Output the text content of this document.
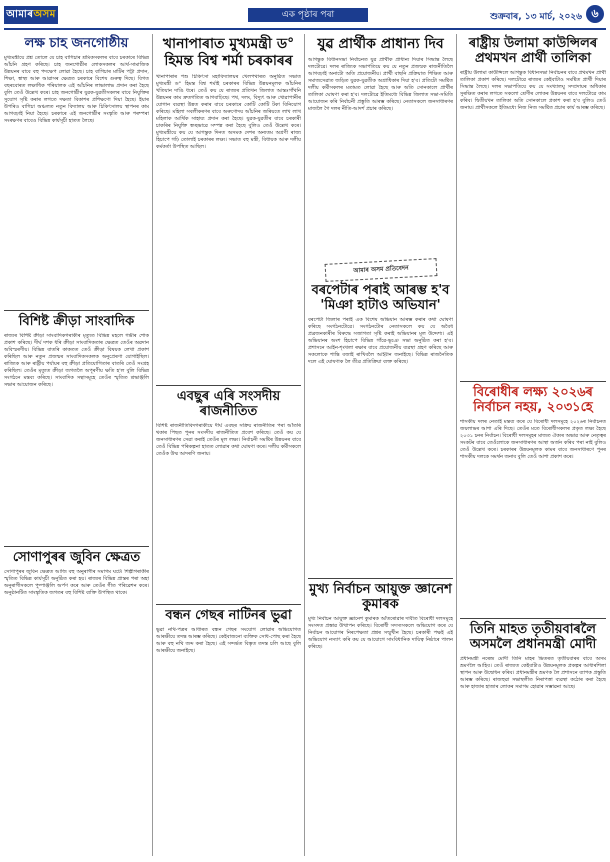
আমাৰ অসম	এক পৃষ্ঠাৰ পৰা	শুক্ৰবাৰ, ১৩ মাৰ্চ, ২০২৬ ৬
লক্ষ চাহ জনগোষ্ঠীয়
মুখ্যমন্ত্ৰীয়ে প্ৰশ্ন তোলে যে চাহ বাগিচাৰ শ্ৰমিকসকলৰ বাবে চৰকাৰে বিভিন্ন আঁচনি গ্ৰহণ কৰিছে। চাহ জনগোষ্ঠীৰ লোকসকলৰ আৰ্থ-সামাজিক উন্নয়নৰ বাবে বহু পদক্ষেপ লোৱা হৈছে। চাহ বাগিচাৰ মাটিৰ পট্টা প্ৰদান, শিক্ষা, স্বাস্থ্য আৰু আৱাসৰ ক্ষেত্ৰত চৰকাৰে বিশেষ গুৰুত্ব দিছে। বিগত বছৰবোৰত লক্ষাধিক পৰিয়ালক এই আঁচনিৰ লাভালাভ প্ৰদান কৰা হৈছে বুলি তেওঁ উল্লেখ কৰে। চাহ জনগোষ্ঠীৰ যুৱক-যুৱতীসকলৰ বাবে নিযুক্তিৰ সুযোগ সৃষ্টি কৰাৰ লগতে দক্ষতা বিকাশৰ প্ৰশিক্ষণো দিয়া হৈছে। ইয়াৰ উপৰিও বাগিচা অঞ্চলত নতুন বিদ্যালয় আৰু চিকিৎসালয় স্থাপনৰ কাম আগবঢ়াই নিয়া হৈছে। চৰকাৰে এই জনগোষ্ঠীৰ সংস্কৃতি আৰু পৰম্পৰা সংৰক্ষণৰ বাবেও বিভিন্ন কাৰ্যসূচী হাতত লৈছে।
বিশিষ্ট ক্ৰীড়া সাংবাদিক
ৰাজ্যৰ বিশিষ্ট ক্ৰীড়া সাংবাদিকগৰাকীৰ মৃত্যুত বিভিন্ন মহলে গভীৰ শোক প্ৰকাশ কৰিছে। দীৰ্ঘ দশক ধৰি ক্ৰীড়া সাংবাদিকতাৰ ক্ষেত্ৰত তেওঁৰ অৱদান অবিস্মৰণীয়। বিভিন্ন বাতৰি কাকতত তেওঁ ক্ৰীড়া বিষয়ক লেখা প্ৰকাশ কৰিছিল আৰু নতুন প্ৰজন্মৰ সাংবাদিকসকলক অনুপ্ৰেৰণা যোগাইছিল। ৰাজ্যিক আৰু ৰাষ্ট্ৰীয় পৰ্যায়ৰ বহু ক্ৰীড়া প্ৰতিযোগিতাৰ বাতৰি তেওঁ সংগ্ৰহ কৰিছিল। তেওঁৰ মৃত্যুত ক্ৰীড়া জগতলৈ অপূৰণীয় ক্ষতি হ'ল বুলি বিভিন্ন সংগঠনে মন্তব্য কৰিছে। সাংবাদিক সন্থাসমূহে তেওঁৰ স্মৃতিত শ্ৰদ্ধাঞ্জলি সভাৰ আয়োজন কৰিছে।
সোণাপুৰৰ জুবিন ক্ষেত্ৰত
সোণাপুৰৰ জুবিন ক্ষেত্ৰত আজি বহু অনুৰাগীৰ সমাগম ঘটে। শিল্পীগৰাকীৰ স্মৃতিত বিভিন্ন কাৰ্যসূচী অনুষ্ঠিত কৰা হয়। ৰাজ্যৰ বিভিন্ন প্ৰান্তৰ পৰা অহা অনুৰাগীসকলে পুষ্পাঞ্জলি অৰ্পণ কৰে আৰু তেওঁৰ গীত পৰিৱেশন কৰে। অনুষ্ঠানটিত সাংস্কৃতিক জগতৰ বহু বিশিষ্ট ব্যক্তি উপস্থিত থাকে।
খানাপাৰাত মুখ্যমন্ত্ৰী ড° হিমন্ত বিশ্ব শৰ্মা চৰকাৰৰ
খানাপাৰাৰ পশু চিকিৎসা মহাবিদ্যালয়ৰ খেলপথাৰত অনুষ্ঠিত সভাত মুখ্যমন্ত্ৰী ড° হিমন্ত বিশ্ব শৰ্মাই চৰকাৰৰ বিভিন্ন উন্নয়নমূলক আঁচনিৰ খতিয়ান দাঙি ধৰে। তেওঁ কয় যে ৰাজ্যৰ প্ৰতিখন জিলাত আন্তঃগাঁথনি উন্নয়নৰ কাম দ্ৰুতগতিত আগবাঢ়িছে। পথ, দলং, বিদ্যুৎ আৰু খোৱাপানীৰ যোগান ব্যৱস্থা উন্নত কৰাৰ বাবে চৰকাৰে কোটি কোটি টকা বিনিয়োগ কৰিছে। মহিলা সবলীকৰণৰ বাবে অৰুণোদয় আঁচনিৰ জৰিয়তে লাখ লাখ মহিলাক আৰ্থিক সাহায্য প্ৰদান কৰা হৈছে। যুৱক-যুৱতীৰ বাবে চৰকাৰী চাকৰিৰ নিযুক্তি স্বচ্ছভাৱে সম্পন্ন কৰা হৈছে বুলিও তেওঁ উল্লেখ কৰে। মুখ্যমন্ত্ৰীয়ে কয় যে আগন্তুক দিনত অসমক দেশৰ অন্যতম অগ্ৰণী ৰাজ্য হিচাপে গঢ়ি তোলাই চৰকাৰৰ লক্ষ্য। সভাত বহু মন্ত্ৰী, বিধায়ক আৰু দলীয় কৰ্মকৰ্তা উপস্থিত আছিল।
এবছুৰ এৰি সংসদীয় ৰাজনীতিত
বিশিষ্ট ৰাজনীতিবিদগৰাকীয়ে দীৰ্ঘ এবছৰ সক্ৰিয় ৰাজনীতিৰ পৰা আঁতৰি থকাৰ পিছত পুনৰ সংসদীয় ৰাজনীতিত প্ৰবেশ কৰিছে। তেওঁ কয় যে জনসাধাৰণৰ সেৱা কৰাই তেওঁৰ মূল লক্ষ্য। নিৰ্বাচনী সমষ্টিৰ উন্নয়নৰ বাবে তেওঁ বিভিন্ন পৰিকল্পনা হাতত লোৱাৰ কথা ঘোষণা কৰে। দলীয় কৰ্মীসকলে তেওঁক উষ্ম আদৰণি জনায়।
বন্ধন গেছৰ নাটিনৰ ভুৱা
ভুৱা নথি-পত্ৰৰ আধাৰত বন্ধন গেছৰ সংযোগ লোৱাৰ অভিযোগত আৰক্ষীয়ে তদন্ত আৰম্ভ কৰিছে। কেইবাজনো ব্যক্তিক সোধ-পোছ কৰা হৈছে আৰু বহু নথি জব্দ কৰা হৈছে। এই সন্দৰ্ভত বিস্তৃত তদন্ত চলি আছে বুলি আৰক্ষীয়ে জনাইছে।
যুৱ প্ৰাৰ্থীক প্ৰাধান্য দিব
আগন্তুক বিধানসভা নিৰ্বাচনত যুৱ প্ৰাৰ্থীক প্ৰাধান্য দিয়াৰ সিদ্ধান্ত লৈছে দলটোৱে। দলৰ ৰাজ্যিক সভাপতিয়ে কয় যে নতুন প্ৰজন্মক ৰাজনীতিলৈ আগবঢ়াই অনাটো অতি প্ৰয়োজনীয়। প্ৰাৰ্থী বাছনি প্ৰক্ৰিয়াত শিক্ষিত আৰু সমাজসেৱাত জড়িত যুৱক-যুৱতীক অগ্ৰাধিকাৰ দিয়া হ'ব। প্ৰতিটো সমষ্টিত দলীয় কৰ্মীসকলৰ মতামত লোৱা হৈছে আৰু অতি সোনকালে প্ৰাৰ্থীৰ তালিকা ঘোষণা কৰা হ'ব। দলটোৱে ইতিমধ্যে বিভিন্ন জিলাত সভা-সমিতি আয়োজন কৰি নিৰ্বাচনী প্ৰস্তুতি আৰম্ভ কৰিছে। নেতাসকলে জনসাধাৰণৰ মাজলৈ গৈ দলৰ নীতি-আদৰ্শ প্ৰচাৰ কৰিছে।
আমাৰ অসম প্ৰতিবেদন
বৰপেটাৰ পৰাই আৰম্ভ হ'ব 'মিঞা হাটাও অভিযান'
বৰপেটা জিলাৰ পৰাই এক বিশেষ অভিযান আৰম্ভ কৰাৰ কথা ঘোষণা কৰিছে সংগঠনটোৱে। সংগঠনটোৰ নেতাসকলে কয় যে অবৈধ প্ৰব্ৰজনকাৰীৰ বিৰুদ্ধে সজাগতা সৃষ্টি কৰাই অভিযানৰ মূল উদ্দেশ্য। এই অভিযানৰ অংশ হিচাপে বিভিন্ন গাঁৱে-ভূঞে সভা অনুষ্ঠিত কৰা হ'ব। প্ৰশাসনে আইন-শৃংখলা ৰক্ষাৰ বাবে প্ৰয়োজনীয় ব্যৱস্থা গ্ৰহণ কৰিছে আৰু সকলোকে শান্তি বজাই ৰাখিবলৈ আহ্বান জনাইছে। বিভিন্ন ৰাজনৈতিক দলে এই ঘোষণাক লৈ তীব্ৰ প্ৰতিক্ৰিয়া ব্যক্ত কৰিছে।
মুখ্য নিৰ্বাচন আয়ুক্ত জ্ঞানেশ কুমাৰক
মুখ্য নিৰ্বাচন আয়ুক্ত জ্ঞানেশ কুমাৰক আঁতৰোৱাৰ দাবীত বিৰোধী দলসমূহে সংসদত প্ৰস্তাৱ উত্থাপন কৰিছে। বিৰোধী সদস্যসকলে অভিযোগ কৰে যে নিৰ্বাচন আয়োগৰ নিৰপেক্ষতা প্ৰশ্নৰ সন্মুখীন হৈছে। চৰকাৰী পক্ষই এই অভিযোগ নস্যাৎ কৰি কয় যে আয়োগে সাংবিধানিক দায়িত্ব নিষ্ঠাৰে পালন কৰিছে।
ৰাষ্ট্ৰীয় উলামা কাউন্সিলৰ প্ৰথমখন প্ৰাৰ্থী তালিকা
ৰাষ্ট্ৰীয় উলামা কাউন্সিলে আগন্তুক বিধানসভা নিৰ্বাচনৰ বাবে প্ৰথমখন প্ৰাৰ্থী তালিকা প্ৰকাশ কৰিছে। দলটোৱে ৰাজ্যৰ কেইবাটাও সমষ্টিত প্ৰাৰ্থী দিয়াৰ সিদ্ধান্ত লৈছে। দলৰ সভাপতিয়ে কয় যে সংখ্যালঘু সম্প্ৰদায়ৰ অধিকাৰ সুৰক্ষিত কৰাৰ লগতে সকলো শ্ৰেণীৰ লোকৰ উন্নয়নৰ বাবে দলটোৱে কাম কৰিব। দ্বিতীয়খন তালিকা অতি সোনকালে প্ৰকাশ কৰা হ'ব বুলিও তেওঁ জনায়। প্ৰাৰ্থীসকলে ইতিমধ্যে নিজ নিজ সমষ্টিত প্ৰচাৰ কাৰ্য আৰম্ভ কৰিছে।
বিৰোধীৰ লক্ষ্য ২০২৬ৰ নিৰ্বাচন নহয়, ২০৩১হে
শাসকীয় দলৰ নেতাই মন্তব্য কৰে যে বিৰোধী দলসমূহে ২০২৬ৰ নিৰ্বাচনত জয়লাভৰ আশা এৰি দিছে। তেওঁৰ মতে বিৰোধীসকলৰ প্ৰকৃত লক্ষ্য হৈছে ২০৩১ চনৰ নিৰ্বাচন। বিৰোধী দলসমূহৰ মাজত ঐক্যৰ অভাৱ আৰু নেতৃত্বৰ সংকটৰ বাবে তেওঁলোকে জনসাধাৰণৰ আস্থা অৰ্জন কৰিব পৰা নাই বুলিও তেওঁ উল্লেখ কৰে। চৰকাৰৰ উন্নয়নমূলক কামৰ বাবে জনসাধাৰণে পুনৰ শাসকীয় দলকে সমৰ্থন জনাব বুলি তেওঁ আশা প্ৰকাশ কৰে।
তিনি মাহত তৃতীয়বাৰলৈ অসমলৈ প্ৰধানমন্ত্ৰী মোদী
প্ৰধানমন্ত্ৰী নৰেন্দ্ৰ মোদী তিনি মাহৰ ভিতৰত তৃতীয়বাৰৰ বাবে অসম ভ্ৰমণলৈ আহিব। তেওঁ ৰাজ্যত কেইবাটাও উন্নয়নমূলক প্ৰকল্পৰ আধাৰশিলা স্থাপন আৰু উদ্বোধন কৰিব। প্ৰধানমন্ত্ৰীৰ ভ্ৰমণক লৈ প্ৰশাসনে ব্যাপক প্ৰস্তুতি আৰম্ভ কৰিছে। ৰাজহুৱা সভাস্থলীত নিৰাপত্তা ব্যৱস্থা কঠোৰ কৰা হৈছে আৰু হাজাৰ হাজাৰ লোকৰ সমাগম হোৱাৰ সম্ভাৱনা আছে।
